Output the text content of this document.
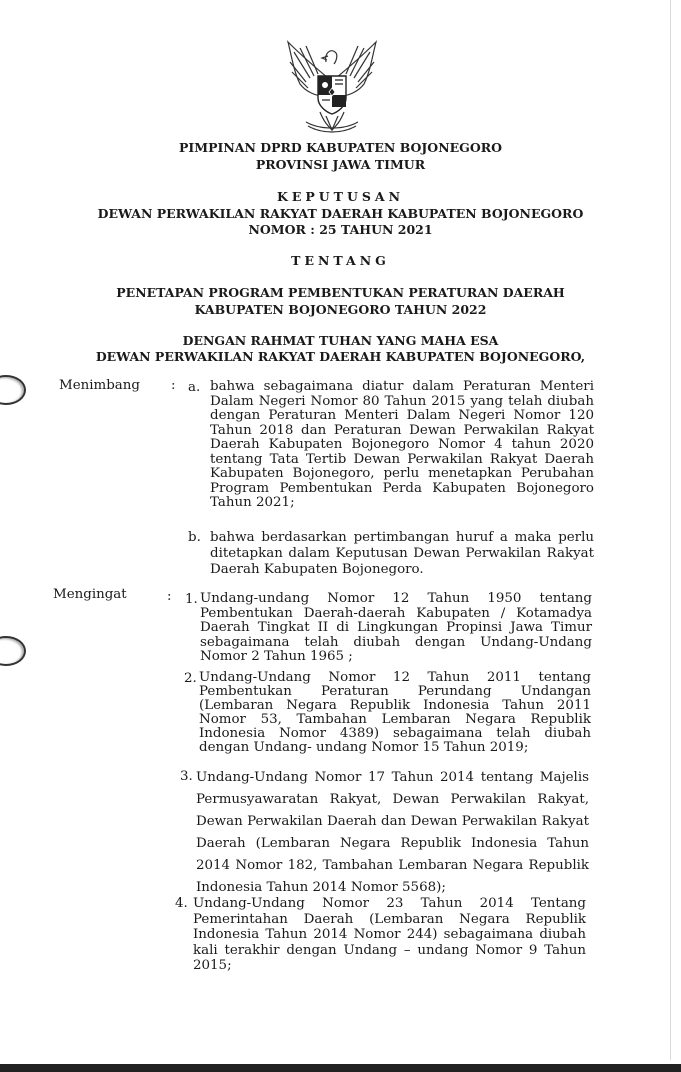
PIMPINAN DPRD KABUPATEN BOJONEGORO
PROVINSI JAWA TIMUR
KEPUTUSAN
DEWAN PERWAKILAN RAKYAT DAERAH KABUPATEN BOJONEGORO
NOMOR : 25 TAHUN 2021
TENTANG
PENETAPAN PROGRAM PEMBENTUKAN PERATURAN DAERAH
KABUPATEN BOJONEGORO TAHUN 2022
DENGAN RAHMAT TUHAN YANG MAHA ESA
DEWAN PERWAKILAN RAKYAT DAERAH KABUPATEN BOJONEGORO,
Menimbang : a. bahwa sebagaimana diatur dalam Peraturan Menteri Dalam Negeri Nomor 80 Tahun 2015 yang telah diubah dengan Peraturan Menteri Dalam Negeri Nomor 120 Tahun 2018 dan Peraturan Dewan Perwakilan Rakyat Daerah Kabupaten Bojonegoro Nomor 4 tahun 2020 tentang Tata Tertib Dewan Perwakilan Rakyat Daerah Kabupaten Bojonegoro, perlu menetapkan Perubahan Program Pembentukan Perda Kabupaten Bojonegoro Tahun 2021;
b. bahwa berdasarkan pertimbangan huruf a maka perlu ditetapkan dalam Keputusan Dewan Perwakilan Rakyat Daerah Kabupaten Bojonegoro.
Mengingat	: 1. Undang-undang Nomor 12 Tahun 1950 tentang Pembentukan Daerah-daerah Kabupaten / Kotamadya Daerah Tingkat II di Lingkungan Propinsi Jawa Timur sebagaimana telah diubah dengan Undang-Undang Nomor 2 Tahun 1965 ;
2. Undang-Undang Nomor 12 Tahun 2011 tentang Pembentukan Peraturan Perundang Undangan (Lembaran Negara Republik Indonesia Tahun 2011 Nomor 53, Tambahan Lembaran Negara Republik Indonesia Nomor 4389) sebagaimana telah diubah dengan Undang- undang Nomor 15 Tahun 2019;
3. Undang-Undang Nomor 17 Tahun 2014 tentang Majelis Permusyawaratan Rakyat, Dewan Perwakilan Rakyat, Dewan Perwakilan Daerah dan Dewan Perwakilan Rakyat Daerah (Lembaran Negara Republik Indonesia Tahun 2014 Nomor 182, Tambahan Lembaran Negara Republik Indonesia Tahun 2014 Nomor 5568);
4. Undang-Undang Nomor 23 Tahun 2014 Tentang Pemerintahan Daerah (Lembaran Negara Republik Indonesia Tahun 2014 Nomor 244) sebagaimana diubah kali terakhir dengan Undang – undang Nomor 9 Tahun 2015;
